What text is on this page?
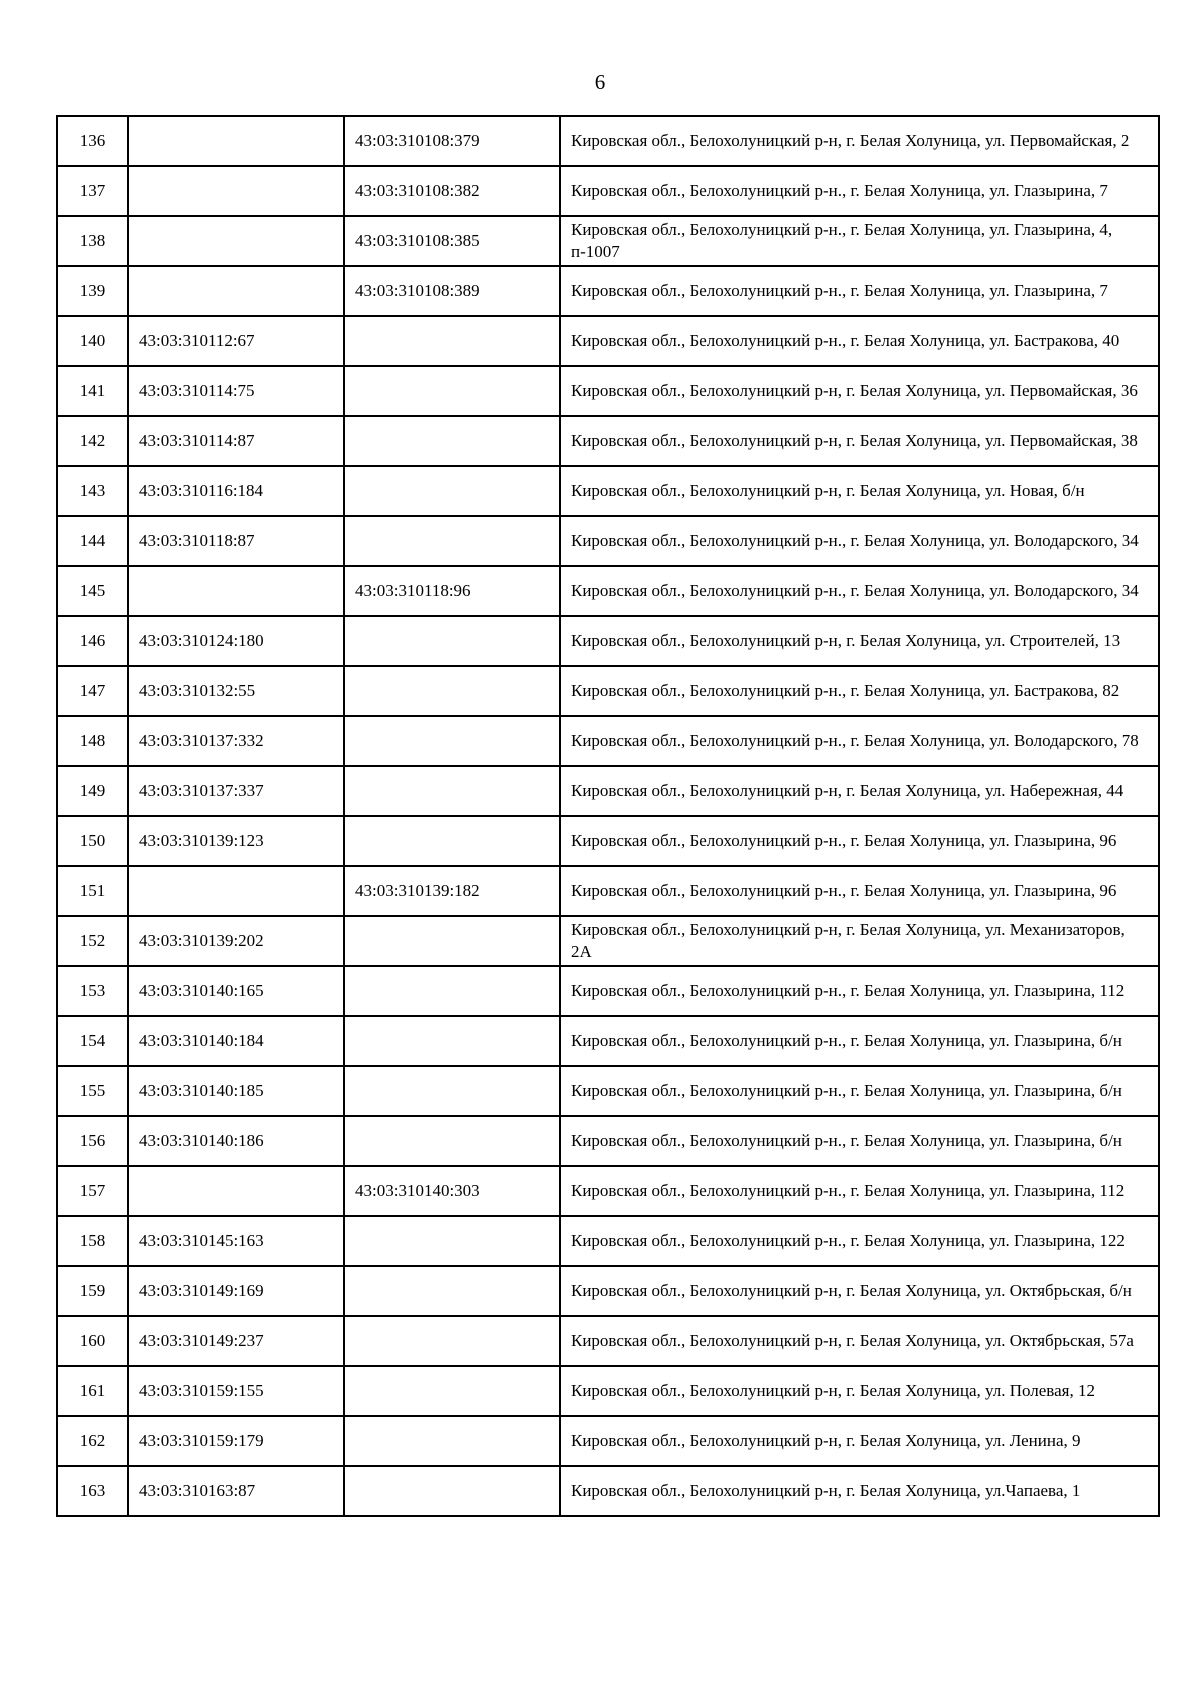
6
136		43:03:310108:379	Кировская обл., Белохолуницкий р-н, г. Белая Холуница, ул. Первомайская, 2
137		43:03:310108:382	Кировская обл., Белохолуницкий р-н., г. Белая Холуница, ул. Глазырина, 7
138		43:03:310108:385	Кировская обл., Белохолуницкий р-н., г. Белая Холуница, ул. Глазырина, 4, п-1007
139		43:03:310108:389	Кировская обл., Белохолуницкий р-н., г. Белая Холуница, ул. Глазырина, 7
140	43:03:310112:67		Кировская обл., Белохолуницкий р-н., г. Белая Холуница, ул. Бастракова, 40
141	43:03:310114:75		Кировская обл., Белохолуницкий р-н, г. Белая Холуница, ул. Первомайская, 36
142	43:03:310114:87		Кировская обл., Белохолуницкий р-н, г. Белая Холуница, ул. Первомайская, 38
143	43:03:310116:184		Кировская обл., Белохолуницкий р-н, г. Белая Холуница, ул. Новая, б/н
144	43:03:310118:87		Кировская обл., Белохолуницкий р-н., г. Белая Холуница, ул. Володарского, 34
145		43:03:310118:96	Кировская обл., Белохолуницкий р-н., г. Белая Холуница, ул. Володарского, 34
146	43:03:310124:180		Кировская обл., Белохолуницкий р-н, г. Белая Холуница, ул. Строителей, 13
147	43:03:310132:55		Кировская обл., Белохолуницкий р-н., г. Белая Холуница, ул. Бастракова, 82
148	43:03:310137:332		Кировская обл., Белохолуницкий р-н., г. Белая Холуница, ул. Володарского, 78
149	43:03:310137:337		Кировская обл., Белохолуницкий р-н, г. Белая Холуница, ул. Набережная, 44
150	43:03:310139:123		Кировская обл., Белохолуницкий р-н., г. Белая Холуница, ул. Глазырина, 96
151		43:03:310139:182	Кировская обл., Белохолуницкий р-н., г. Белая Холуница, ул. Глазырина, 96
152	43:03:310139:202		Кировская обл., Белохолуницкий р-н, г. Белая Холуница, ул. Механизаторов, 2А
153	43:03:310140:165		Кировская обл., Белохолуницкий р-н., г. Белая Холуница, ул. Глазырина, 112
154	43:03:310140:184		Кировская обл., Белохолуницкий р-н., г. Белая Холуница, ул. Глазырина, б/н
155	43:03:310140:185		Кировская обл., Белохолуницкий р-н., г. Белая Холуница, ул. Глазырина, б/н
156	43:03:310140:186		Кировская обл., Белохолуницкий р-н., г. Белая Холуница, ул. Глазырина, б/н
157		43:03:310140:303	Кировская обл., Белохолуницкий р-н., г. Белая Холуница, ул. Глазырина, 112
158	43:03:310145:163		Кировская обл., Белохолуницкий р-н., г. Белая Холуница, ул. Глазырина, 122
159	43:03:310149:169		Кировская обл., Белохолуницкий р-н, г. Белая Холуница, ул. Октябрьская, б/н
160	43:03:310149:237		Кировская обл., Белохолуницкий р-н, г. Белая Холуница, ул. Октябрьская, 57а
161	43:03:310159:155		Кировская обл., Белохолуницкий р-н, г. Белая Холуница, ул. Полевая, 12
162	43:03:310159:179		Кировская обл., Белохолуницкий р-н, г. Белая Холуница, ул. Ленина, 9
163	43:03:310163:87		Кировская обл., Белохолуницкий р-н, г. Белая Холуница, ул.Чапаева, 1
